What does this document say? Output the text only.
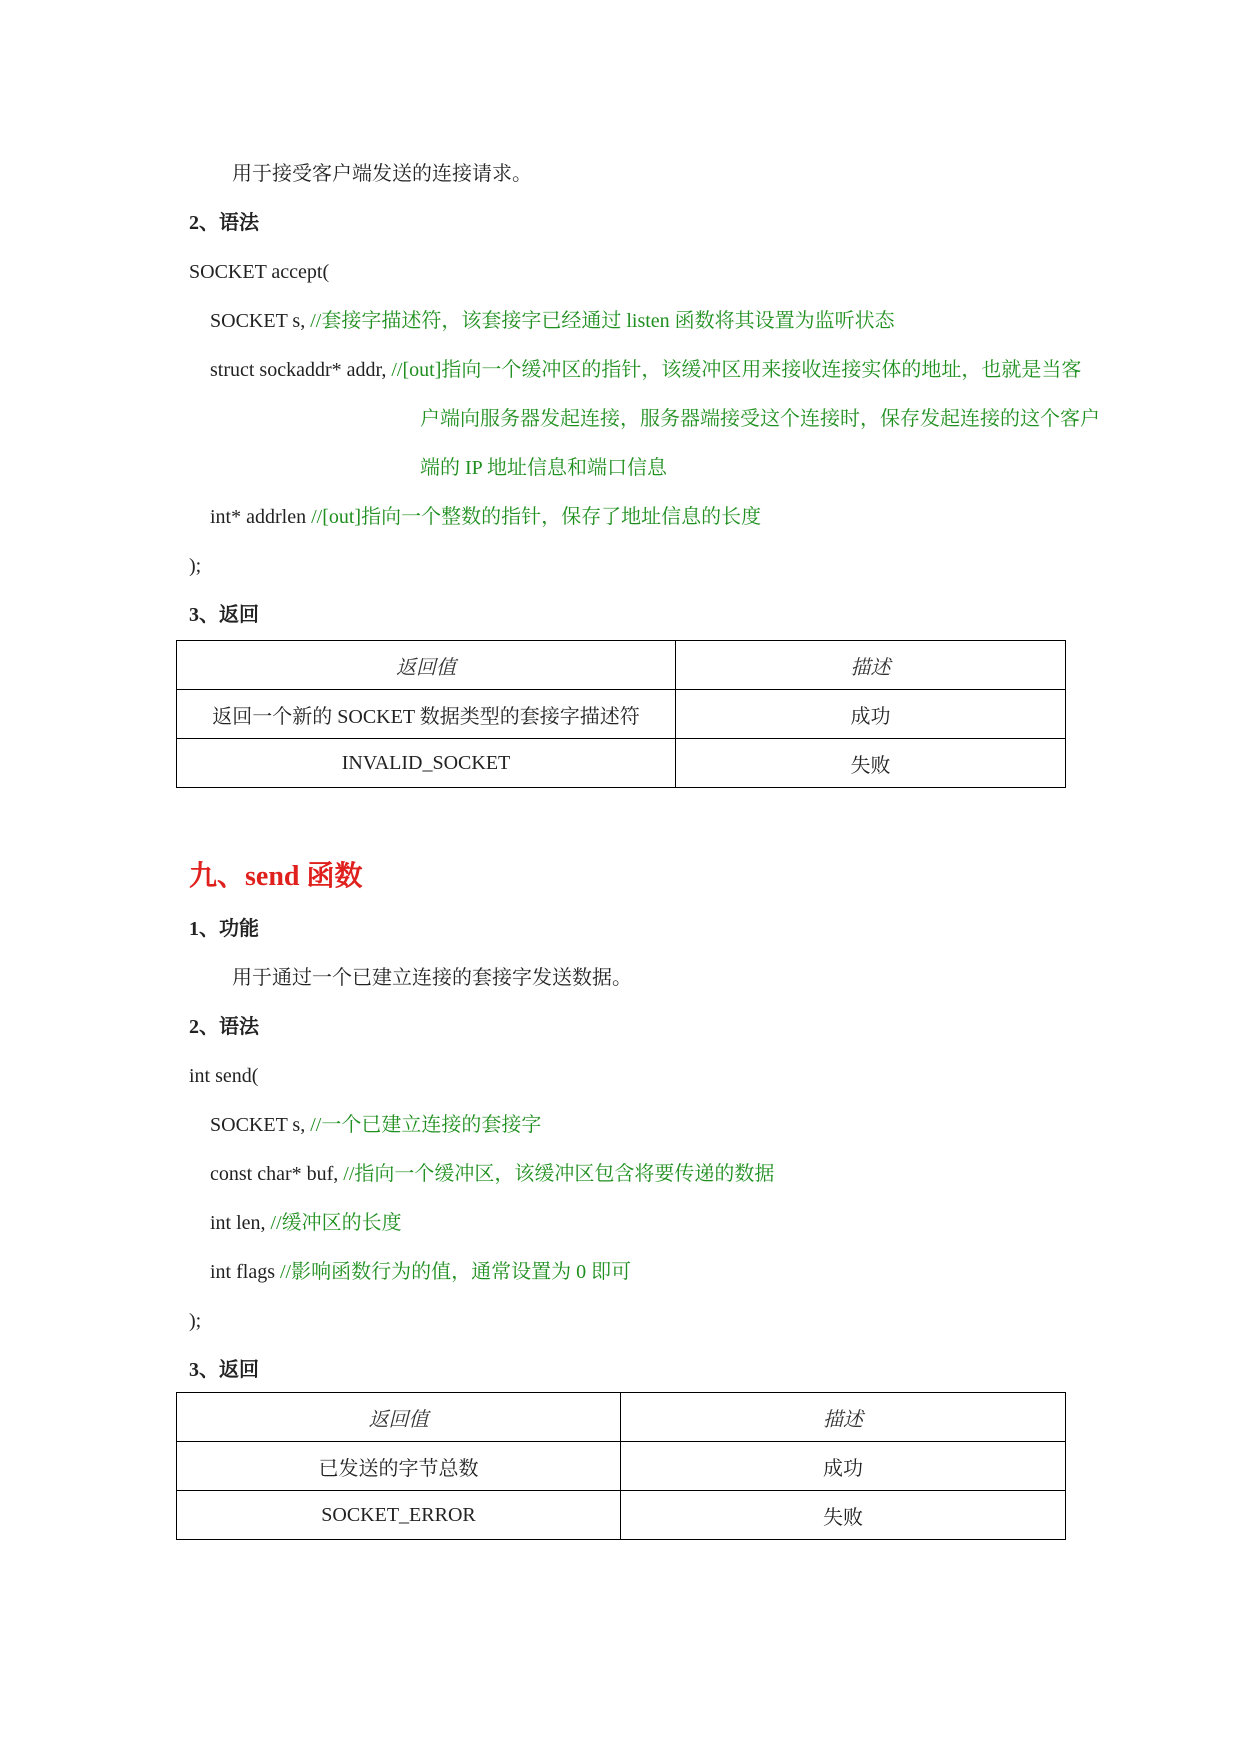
用于接受客户端发送的连接请求。
2、语法
SOCKET accept(
SOCKET s, //套接字描述符，该套接字已经通过 listen 函数将其设置为监听状态
struct sockaddr* addr, //[out]指向一个缓冲区的指针，该缓冲区用来接收连接实体的地址，也就是当客
户端向服务器发起连接，服务器端接受这个连接时，保存发起连接的这个客户
端的 IP 地址信息和端口信息
int* addrlen //[out]指向一个整数的指针，保存了地址信息的长度
);
3、返回
返回值	描述
返回一个新的 SOCKET 数据类型的套接字描述符	成功
INVALID_SOCKET	失败
九、send 函数
1、功能
用于通过一个已建立连接的套接字发送数据。
2、语法
int send(
SOCKET s, //一个已建立连接的套接字
const char* buf, //指向一个缓冲区，该缓冲区包含将要传递的数据
int len, //缓冲区的长度
int flags //影响函数行为的值，通常设置为 0 即可
);
3、返回
返回值	描述
已发送的字节总数	成功
SOCKET_ERROR	失败
